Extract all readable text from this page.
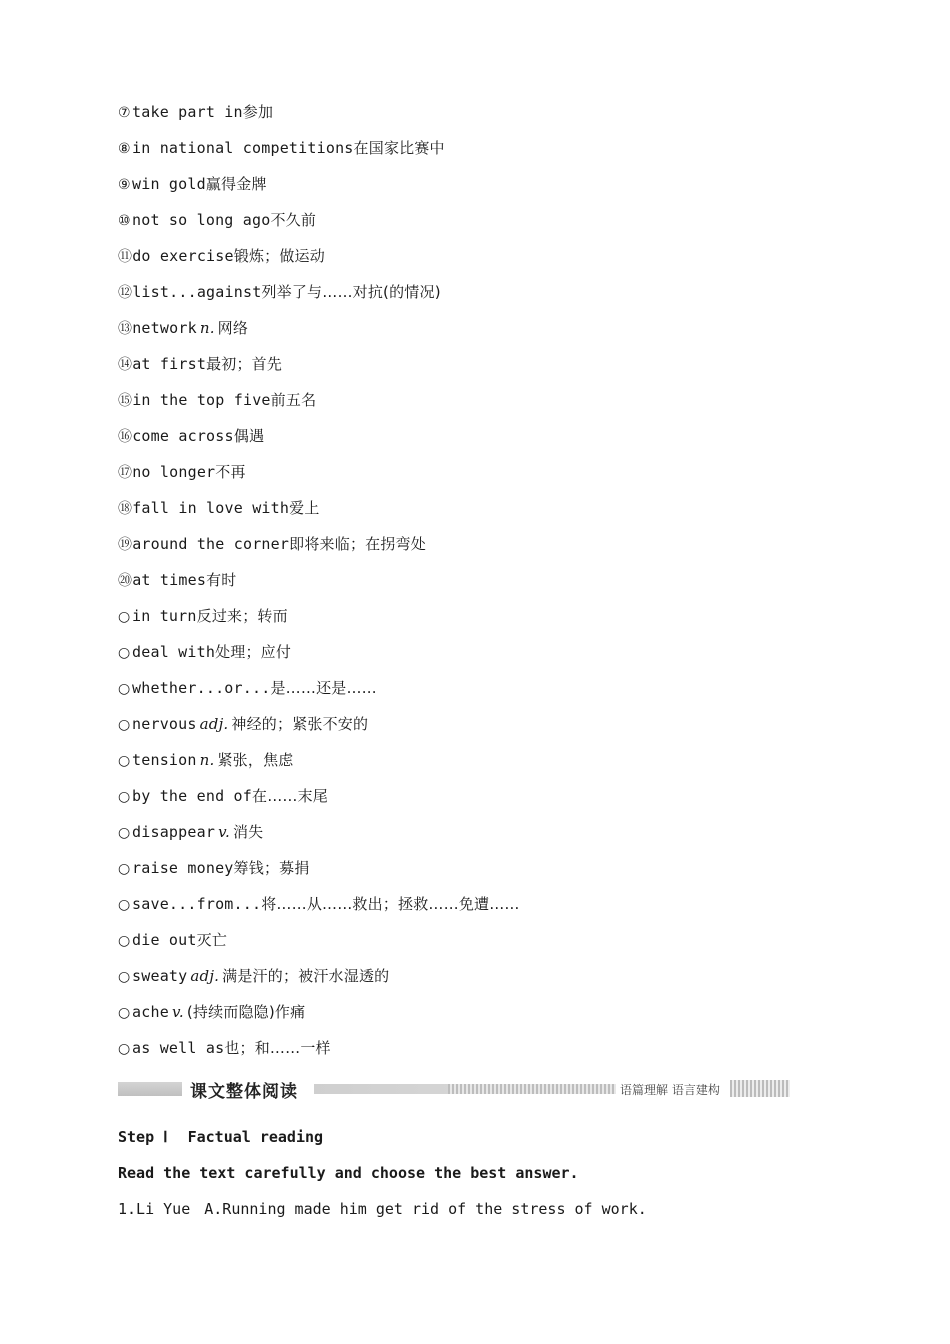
⑦take part in参加
⑧in national competitions在国家比赛中
⑨win gold赢得金牌
⑩not so long ago不久前
⑪do exercise锻炼；做运动
⑫list...against列举了与……对抗(的情况)
⑬network n. 网络
⑭at first最初；首先
⑮in the top five前五名
⑯come across偶遇
⑰no longer不再
⑱fall in love with爱上
⑲around the corner即将来临；在拐弯处
⑳at times有时
○ in turn反过来；转而
○ deal with处理；应付
○ whether...or...是……还是……
○ nervous adj. 神经的；紧张不安的
○ tension n. 紧张，焦虑
○ by the end of在……末尾
○ disappear v. 消失
○ raise money筹钱；募捐
○ save...from...将……从……救出；拯救……免遭……
○ die out灭亡
○ sweaty adj. 满是汗的；被汗水湿透的
○ ache v. (持续而隐隐)作痛
○ as well as也；和……一样
课文整体阅读	语篇理解 语言建构
Step Ⅰ Factual reading
Read the text carefully and choose the best answer.
1.Li Yue A.Running made him get rid of the stress of work.
